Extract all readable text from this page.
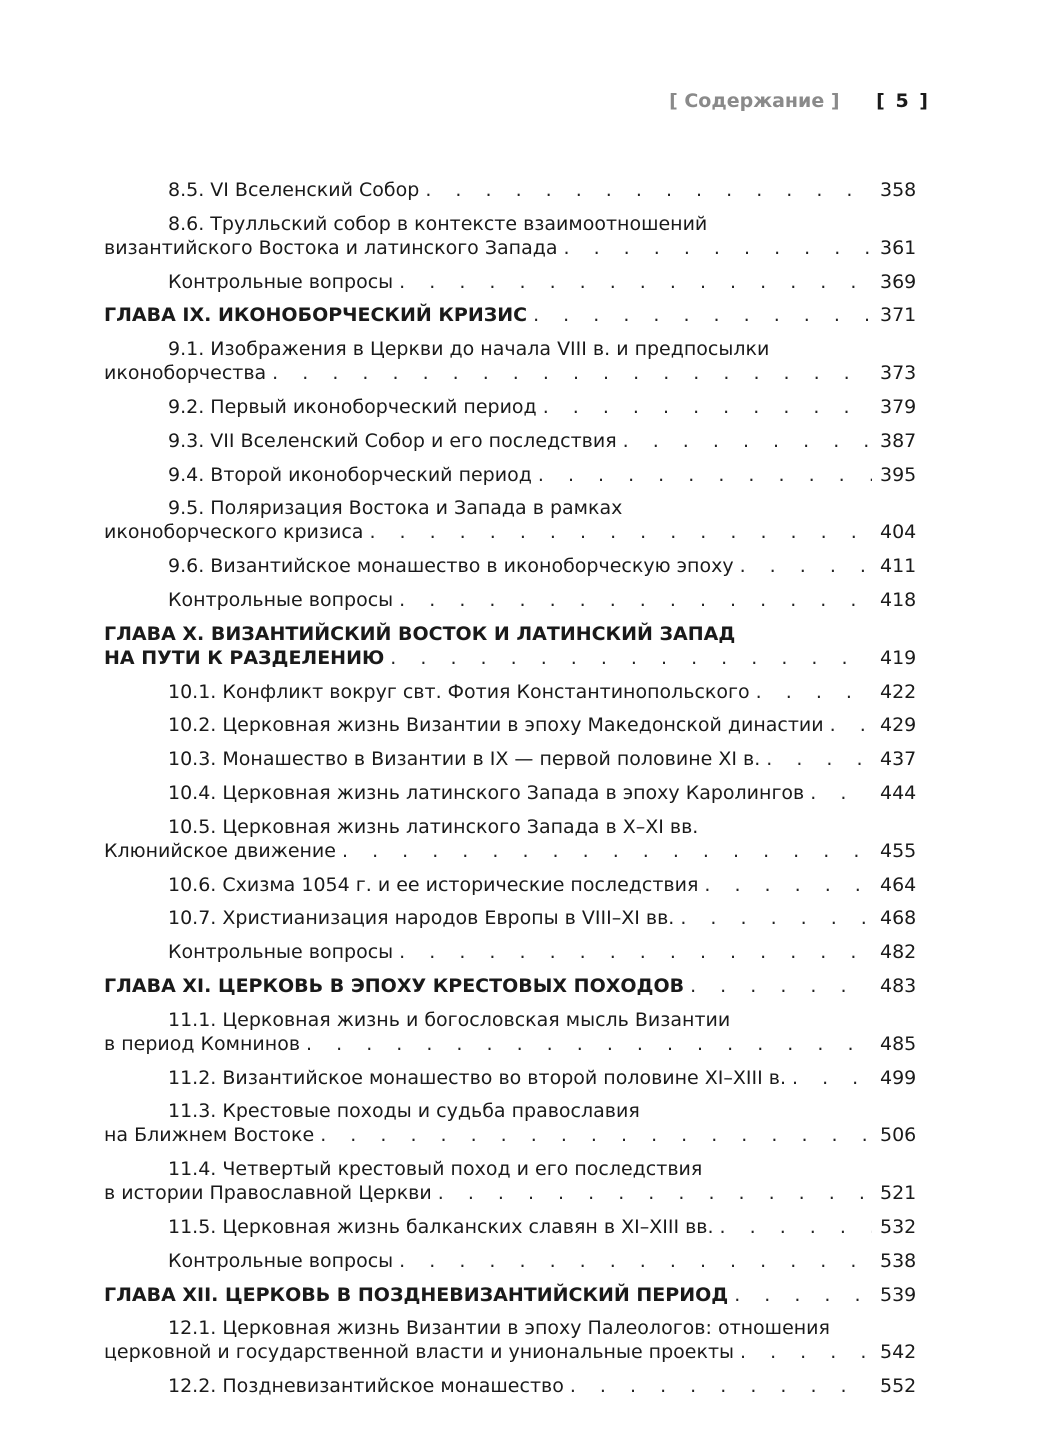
[ Содержание ] [ 5 ]
8.5. VI Вселенский Собор . . .	358
8.6. Трулльский собор в контексте взаимоотношений
византийского Востока и латинского Запада . . .	361
Контрольные вопросы . . .	369
ГЛАВА IX. ИКОНОБОРЧЕСКИЙ КРИЗИС . . .	371
9.1. Изображения в Церкви до начала VIII в. и предпосылки
иконоборчества . . .	373
9.2. Первый иконоборческий период . . .	379
9.3. VII Вселенский Собор и его последствия . . .	387
9.4. Второй иконоборческий период . . .	395
9.5. Поляризация Востока и Запада в рамках
иконоборческого кризиса . . .	404
9.6. Византийское монашество в иконоборческую эпоху . . .	411
Контрольные вопросы . . .	418
ГЛАВА X. ВИЗАНТИЙСКИЙ ВОСТОК И ЛАТИНСКИЙ ЗАПАД
НА ПУТИ К РАЗДЕЛЕНИЮ . . .	419
10.1. Конфликт вокруг свт. Фотия Константинопольского . . .	422
10.2. Церковная жизнь Византии в эпоху Македонской династии . . .	429
10.3. Монашество в Византии в IX — первой половине XI в. . . .	437
10.4. Церковная жизнь латинского Запада в эпоху Каролингов . . .	444
10.5. Церковная жизнь латинского Запада в X–XI вв.
Клюнийское движение . . .	455
10.6. Схизма 1054 г. и ее исторические последствия . . .	464
10.7. Христианизация народов Европы в VIII–XI вв. . . .	468
Контрольные вопросы . . .	482
ГЛАВА XI. ЦЕРКОВЬ В ЭПОХУ КРЕСТОВЫХ ПОХОДОВ . . .	483
11.1. Церковная жизнь и богословская мысль Византии
в период Комнинов . . .	485
11.2. Византийское монашество во второй половине XI–XIII в. . . .	499
11.3. Крестовые походы и судьба православия
на Ближнем Востоке . . .	506
11.4. Четвертый крестовый поход и его последствия
в истории Православной Церкви . . .	521
11.5. Церковная жизнь балканских славян в XI–XIII вв. . . .	532
Контрольные вопросы . . .	538
ГЛАВА XII. ЦЕРКОВЬ В ПОЗДНЕВИЗАНТИЙСКИЙ ПЕРИОД . . .	539
12.1. Церковная жизнь Византии в эпоху Палеологов: отношения
церковной и государственной власти и униональные проекты . . .	542
12.2. Поздневизантийское монашество . . .	552
